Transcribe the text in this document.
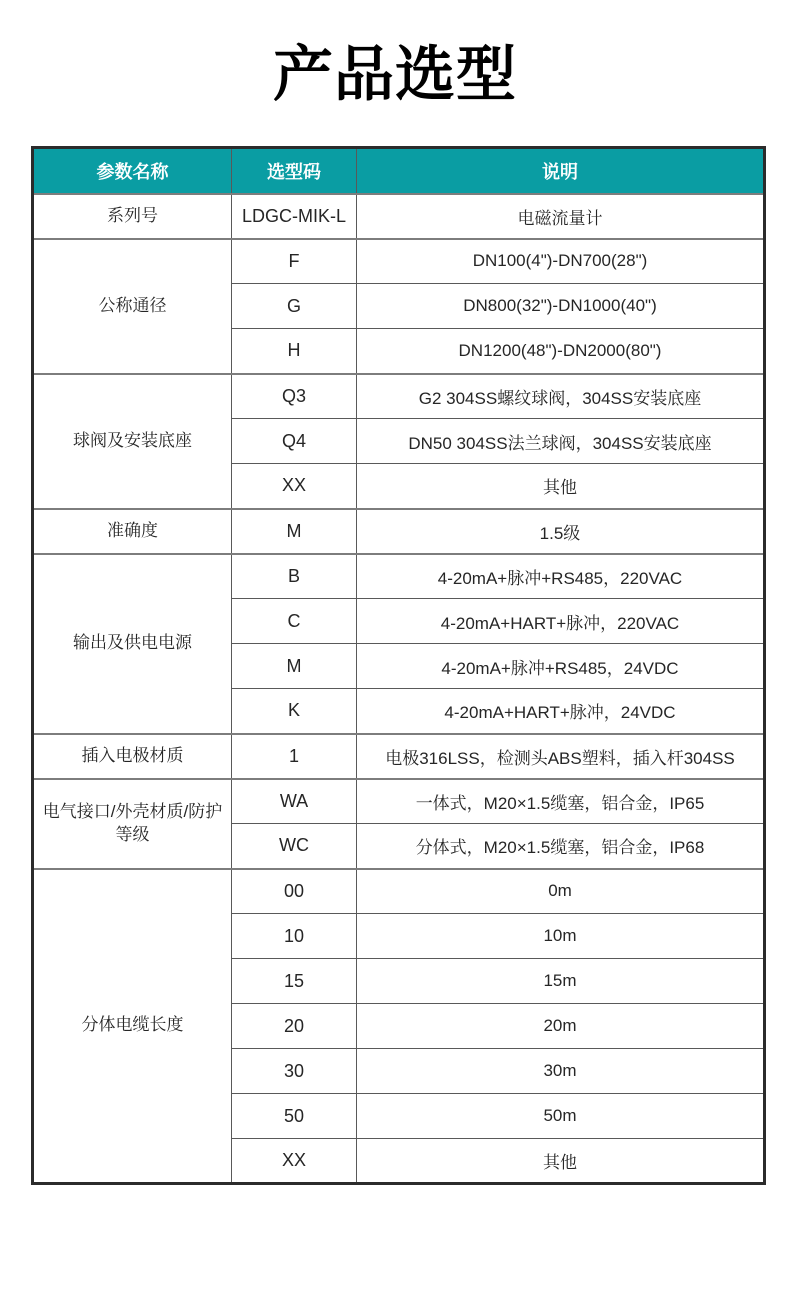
产品选型
参数名称	选型码	说明
系列号	LDGC-MIK-L	电磁流量计
公称通径	F	DN100(4")-DN700(28")
	G	DN800(32")-DN1000(40")
	H	DN1200(48")-DN2000(80")
球阀及安装底座	Q3	G2 304SS螺纹球阀，304SS安装底座
	Q4	DN50 304SS法兰球阀，304SS安装底座
	XX	其他
准确度	M	1.5级
输出及供电电源	B	4-20mA+脉冲+RS485，220VAC
	C	4-20mA+HART+脉冲，220VAC
	M	4-20mA+脉冲+RS485，24VDC
	K	4-20mA+HART+脉冲，24VDC
插入电极材质	1	电极316LSS，检测头ABS塑料，插入杆304SS
电气接口/外壳材质/防护等级	WA	一体式，M20×1.5缆塞，铝合金，IP65
	WC	分体式，M20×1.5缆塞，铝合金，IP68
分体电缆长度	00	0m
	10	10m
	15	15m
	20	20m
	30	30m
	50	50m
	XX	其他
